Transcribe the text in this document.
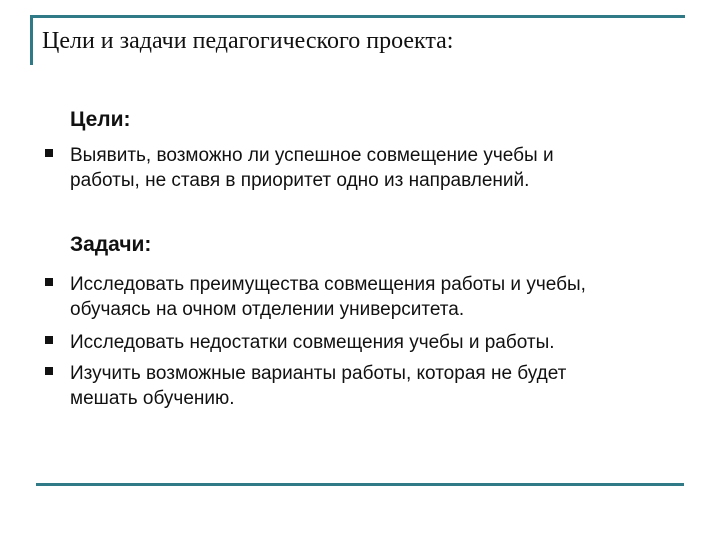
Цели и задачи педагогического проекта:
Цели:
Выявить, возможно ли успешное совмещение учебы и
работы, не ставя в приоритет одно из направлений.
Задачи:
Исследовать преимущества совмещения работы и учебы,
обучаясь на очном отделении университета.
Исследовать недостатки совмещения учебы и работы.
Изучить возможные варианты работы, которая не будет
мешать обучению.
